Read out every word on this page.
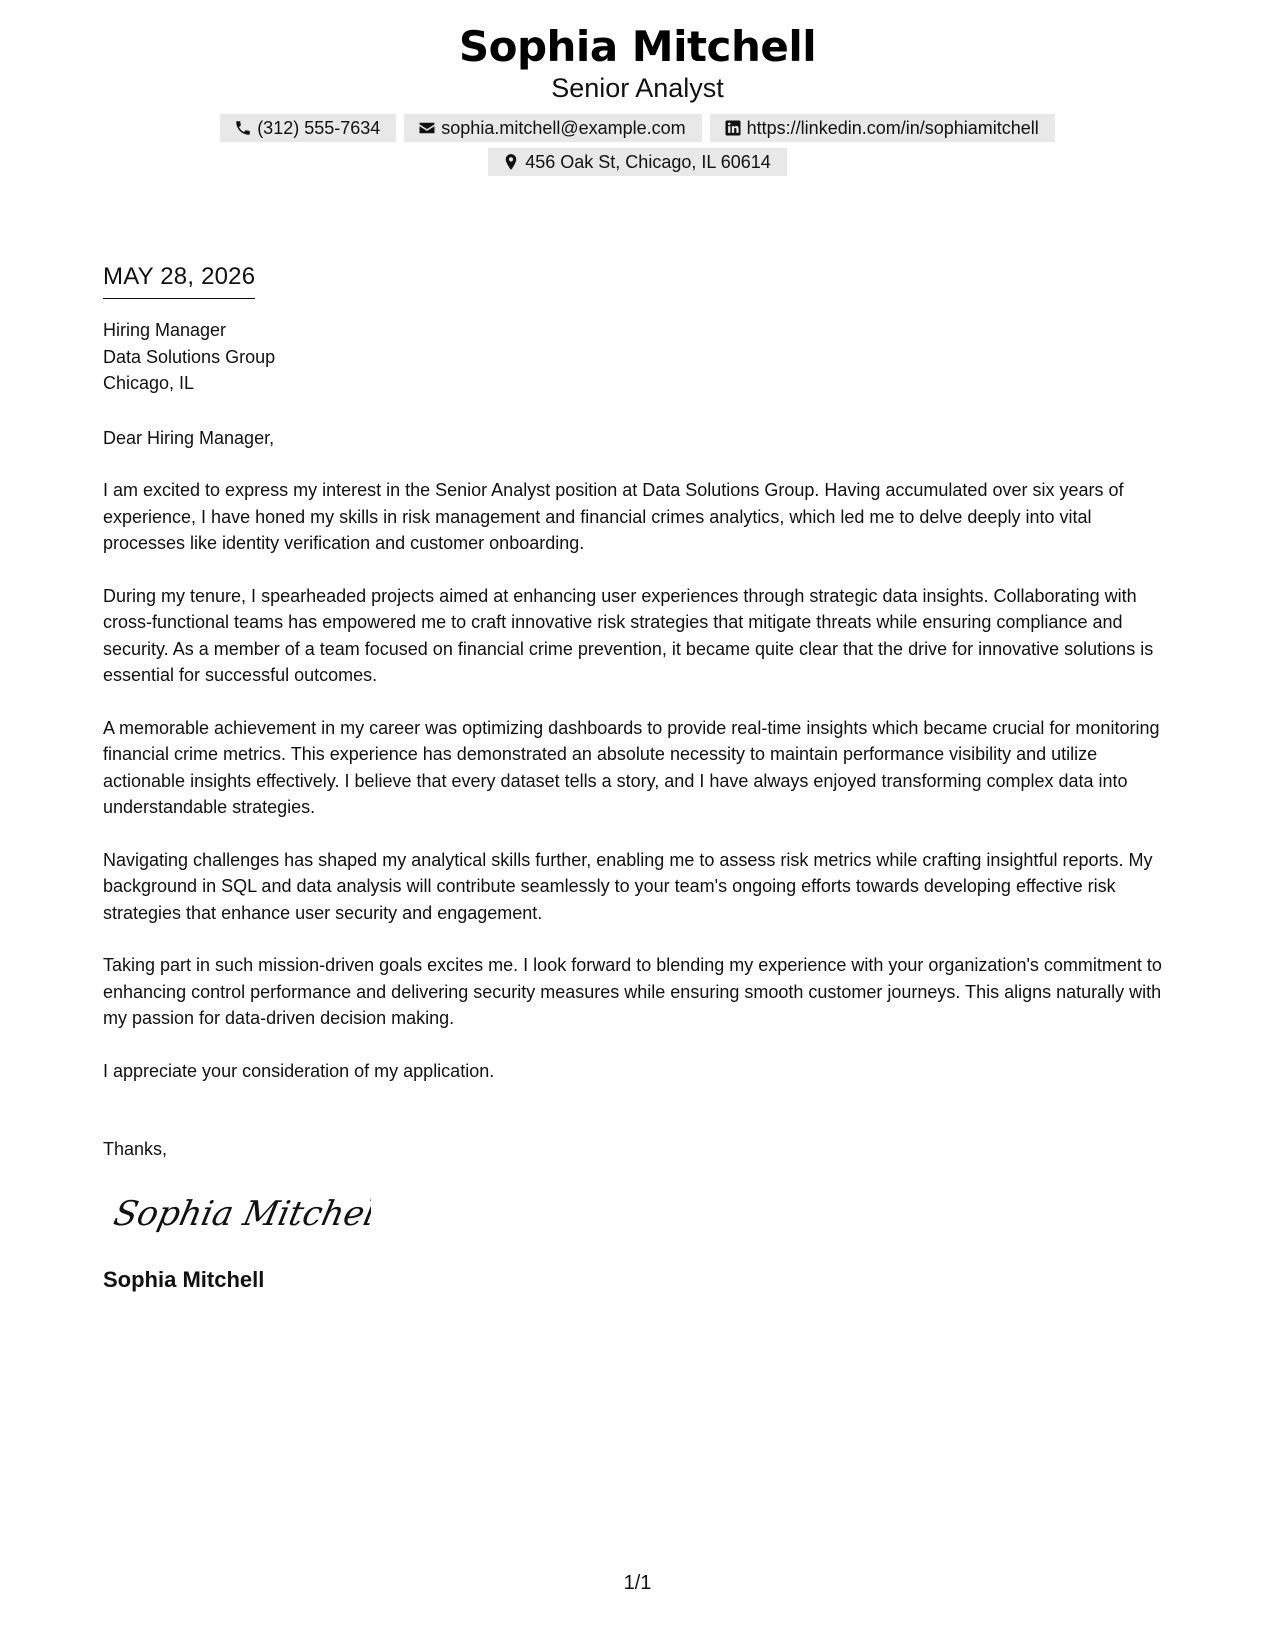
Sophia Mitchell
Senior Analyst
(312) 555-7634	sophia.mitchell@example.com	https://linkedin.com/in/sophiamitchell
456 Oak St, Chicago, IL 60614
MAY 28, 2026
Hiring Manager
Data Solutions Group
Chicago, IL
Dear Hiring Manager,

I am excited to express my interest in the Senior Analyst position at Data Solutions Group. Having accumulated over six years of experience, I have honed my skills in risk management and financial crimes analytics, which led me to delve deeply into vital processes like identity verification and customer onboarding.

During my tenure, I spearheaded projects aimed at enhancing user experiences through strategic data insights. Collaborating with cross-functional teams has empowered me to craft innovative risk strategies that mitigate threats while ensuring compliance and security. As a member of a team focused on financial crime prevention, it became quite clear that the drive for innovative solutions is essential for successful outcomes.

A memorable achievement in my career was optimizing dashboards to provide real-time insights which became crucial for monitoring financial crime metrics. This experience has demonstrated an absolute necessity to maintain performance visibility and utilize actionable insights effectively. I believe that every dataset tells a story, and I have always enjoyed transforming complex data into understandable strategies.

Navigating challenges has shaped my analytical skills further, enabling me to assess risk metrics while crafting insightful reports. My background in SQL and data analysis will contribute seamlessly to your team's ongoing efforts towards developing effective risk strategies that enhance user security and engagement.

Taking part in such mission-driven goals excites me. I look forward to blending my experience with your organization's commitment to enhancing control performance and delivering security measures while ensuring smooth customer journeys. This aligns naturally with my passion for data-driven decision making.

I appreciate your consideration of my application.

Thanks,
Sophia Mitchell
Sophia Mitchell
1/1
